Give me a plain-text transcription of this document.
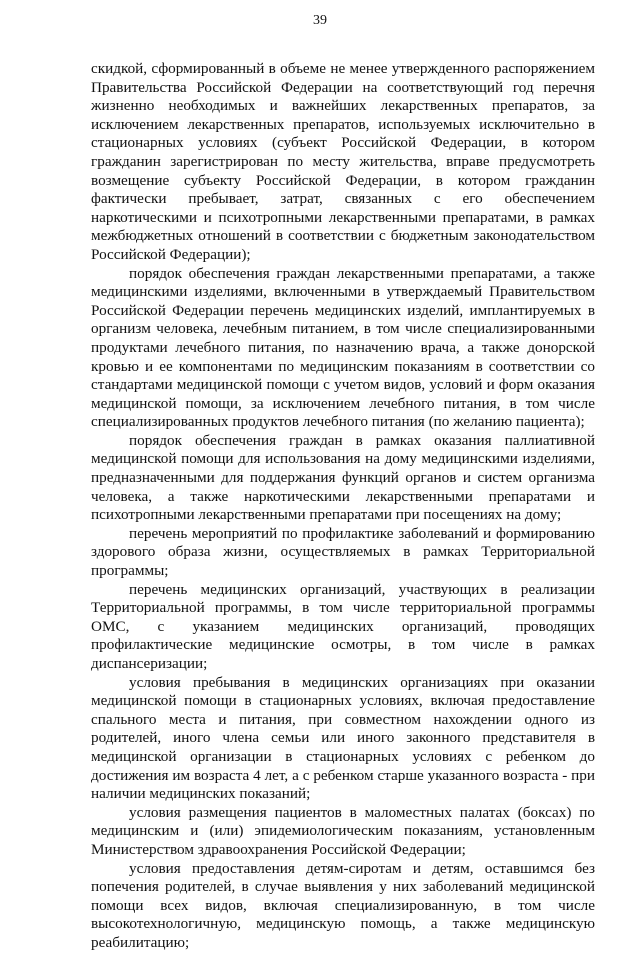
39

скидкой, сформированный в объеме не менее утвержденного распоряжением Правительства Российской Федерации на соответствующий год перечня жизненно необходимых и важнейших лекарственных препаратов, за исключением лекарственных препаратов, используемых исключительно в стационарных условиях (субъект Российской Федерации, в котором гражданин зарегистрирован по месту жительства, вправе предусмотреть возмещение субъекту Российской Федерации, в котором гражданин фактически пребывает, затрат, связанных с его обеспечением наркотическими и психотропными лекарственными препаратами, в рамках межбюджетных отношений в соответствии с бюджетным законодательством Российской Федерации);

порядок обеспечения граждан лекарственными препаратами, а также медицинскими изделиями, включенными в утверждаемый Правительством Российской Федерации перечень медицинских изделий, имплантируемых в организм человека, лечебным питанием, в том числе специализированными продуктами лечебного питания, по назначению врача, а также донорской кровью и ее компонентами по медицинским показаниям в соответствии со стандартами медицинской помощи с учетом видов, условий и форм оказания медицинской помощи, за исключением лечебного питания, в том числе специализированных продуктов лечебного питания (по желанию пациента);

порядок обеспечения граждан в рамках оказания паллиативной медицинской помощи для использования на дому медицинскими изделиями, предназначенными для поддержания функций органов и систем организма человека, а также наркотическими лекарственными препаратами и психотропными лекарственными препаратами при посещениях на дому;

перечень мероприятий по профилактике заболеваний и формированию здорового образа жизни, осуществляемых в рамках Территориальной программы;

перечень медицинских организаций, участвующих в реализации Территориальной программы, в том числе территориальной программы ОМС, с указанием медицинских организаций, проводящих профилактические медицинские осмотры, в том числе в рамках диспансеризации;

условия пребывания в медицинских организациях при оказании медицинской помощи в стационарных условиях, включая предоставление спального места и питания, при совместном нахождении одного из родителей, иного члена семьи или иного законного представителя в медицинской организации в стационарных условиях с ребенком до достижения им возраста 4 лет, а с ребенком старше указанного возраста - при наличии медицинских показаний;

условия размещения пациентов в маломестных палатах (боксах) по медицинским и (или) эпидемиологическим показаниям, установленным Министерством здравоохранения Российской Федерации;

условия предоставления детям-сиротам и детям, оставшимся без попечения родителей, в случае выявления у них заболеваний медицинской помощи всех видов, включая специализированную, в том числе высокотехнологичную, медицинскую помощь, а также медицинскую реабилитацию;
